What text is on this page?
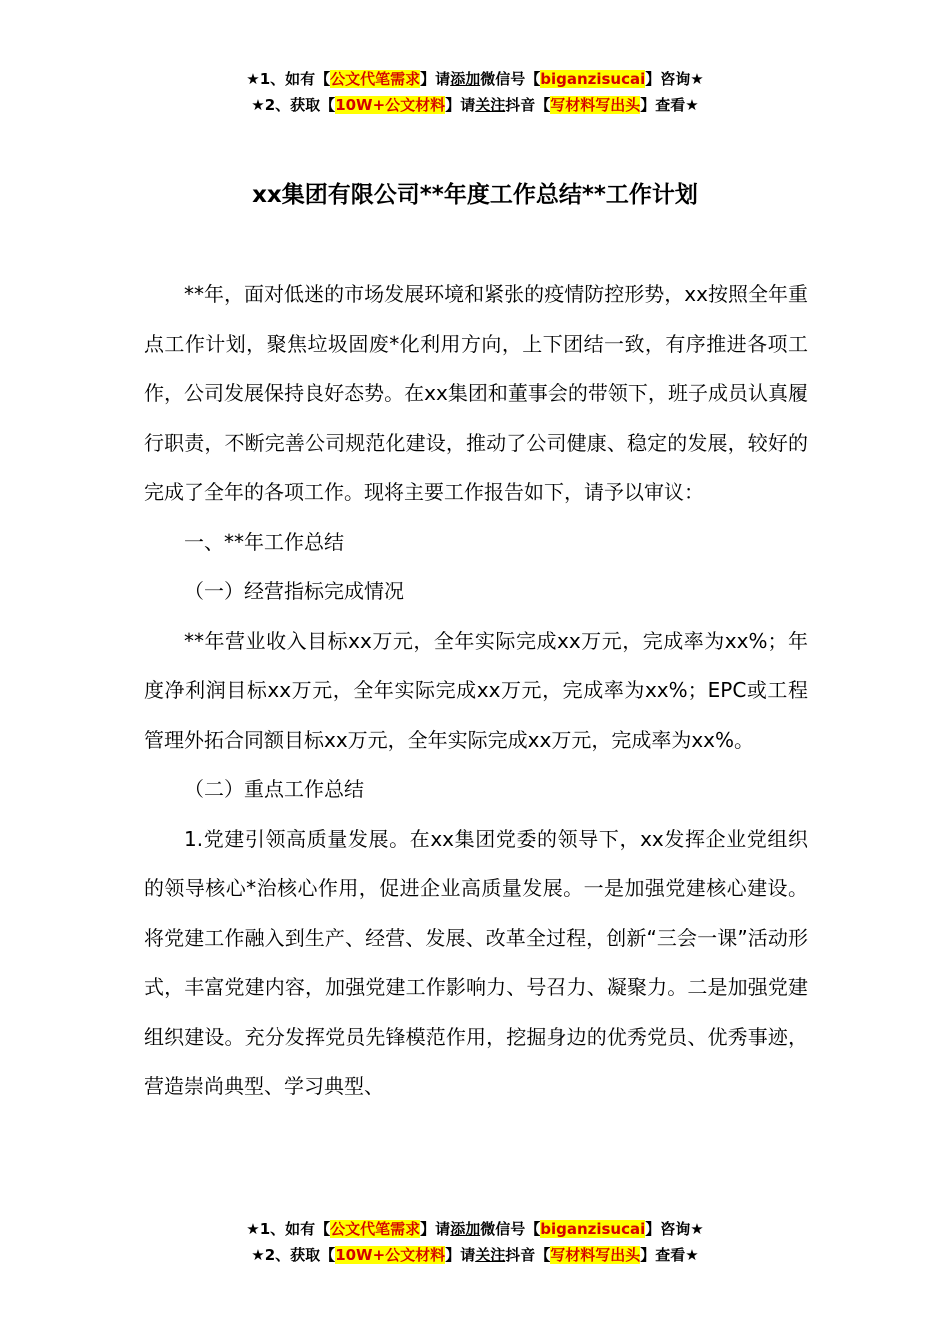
★1、如有【公文代笔需求】请添加微信号【biganzisucai】咨询★
★2、获取【10W+公文材料】请关注抖音【写材料写出头】查看★
xx集团有限公司**年度工作总结**工作计划

**年，面对低迷的市场发展环境和紧张的疫情防控形势，xx按照全年重点工作计划，聚焦垃圾固废*化利用方向，上下团结一致，有序推进各项工作，公司发展保持良好态势。在xx集团和董事会的带领下，班子成员认真履行职责，不断完善公司规范化建设，推动了公司健康、稳定的发展，较好的完成了全年的各项工作。现将主要工作报告如下，请予以审议：

一、**年工作总结

（一）经营指标完成情况

**年营业收入目标xx万元，全年实际完成xx万元，完成率为xx%；年度净利润目标xx万元，全年实际完成xx万元，完成率为xx%；EPC或工程管理外拓合同额目标xx万元，全年实际完成xx万元，完成率为xx%。

（二）重点工作总结

1.党建引领高质量发展。在xx集团党委的领导下，xx发挥企业党组织的领导核心*治核心作用，促进企业高质量发展。一是加强党建核心建设。将党建工作融入到生产、经营、发展、改革全过程，创新“三会一课”活动形式，丰富党建内容，加强党建工作影响力、号召力、凝聚力。二是加强党建组织建设。充分发挥党员先锋模范作用，挖掘身边的优秀党员、优秀事迹，营造崇尚典型、学习典型、

★1、如有【公文代笔需求】请添加微信号【biganzisucai】咨询★
★2、获取【10W+公文材料】请关注抖音【写材料写出头】查看★
